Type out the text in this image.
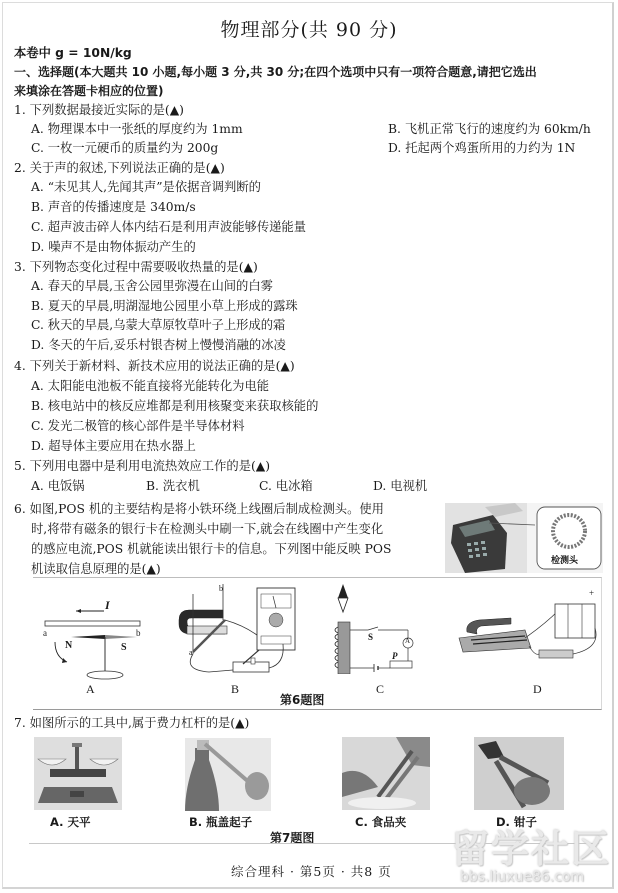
物理部分(共 90 分)
本卷中 g = 10N/kg
一、选择题(本大题共 10 小题,每小题 3 分,共 30 分;在四个选项中只有一项符合题意,请把它选出
来填涂在答题卡相应的位置)
1. 下列数据最接近实际的是(▲)
A. 物理课本中一张纸的厚度约为 1mm	B. 飞机正常飞行的速度约为 60km/h
C. 一枚一元硬币的质量约为 200g	D. 托起两个鸡蛋所用的力约为 1N
2. 关于声的叙述,下列说法正确的是(▲)
A. “未见其人,先闻其声”是依据音调判断的
B. 声音的传播速度是 340m/s
C. 超声波击碎人体内结石是利用声波能够传递能量
D. 噪声不是由物体振动产生的
3. 下列物态变化过程中需要吸收热量的是(▲)
A. 春天的早晨,玉舍公园里弥漫在山间的白雾
B. 夏天的早晨,明湖湿地公园里小草上形成的露珠
C. 秋天的早晨,乌蒙大草原牧草叶子上形成的霜
D. 冬天的午后,妥乐村银杏树上慢慢消融的冰凌
4. 下列关于新材料、新技术应用的说法正确的是(▲)
A. 太阳能电池板不能直接将光能转化为电能
B. 核电站中的核反应堆都是利用核聚变来获取核能的
C. 发光二极管的核心部件是半导体材料
D. 超导体主要应用在热水器上
5. 下列用电器中是利用电流热效应工作的是(▲)
A. 电饭锅	B. 洗衣机	C. 电冰箱	D. 电视机
6. 如图,POS 机的主要结构是将小铁环绕上线圈后制成检测头。使用
时,将带有磁条的银行卡在检测头中刷一下,就会在线圈中产生变化
的感应电流,POS 机就能读出银行卡的信息。下列图中能反映 POS
机读取信息原理的是(▲)
检测头
I
a	b
N	S
A
b
a
B
S	A
P
C
+
D
第6题图
7. 如图所示的工具中,属于费力杠杆的是(▲)
A. 天平	B. 瓶盖起子	C. 食品夹	D. 钳子
第7题图
综合理科 · 第5页 · 共8 页
留学社区
bbs.liuxue86.com
